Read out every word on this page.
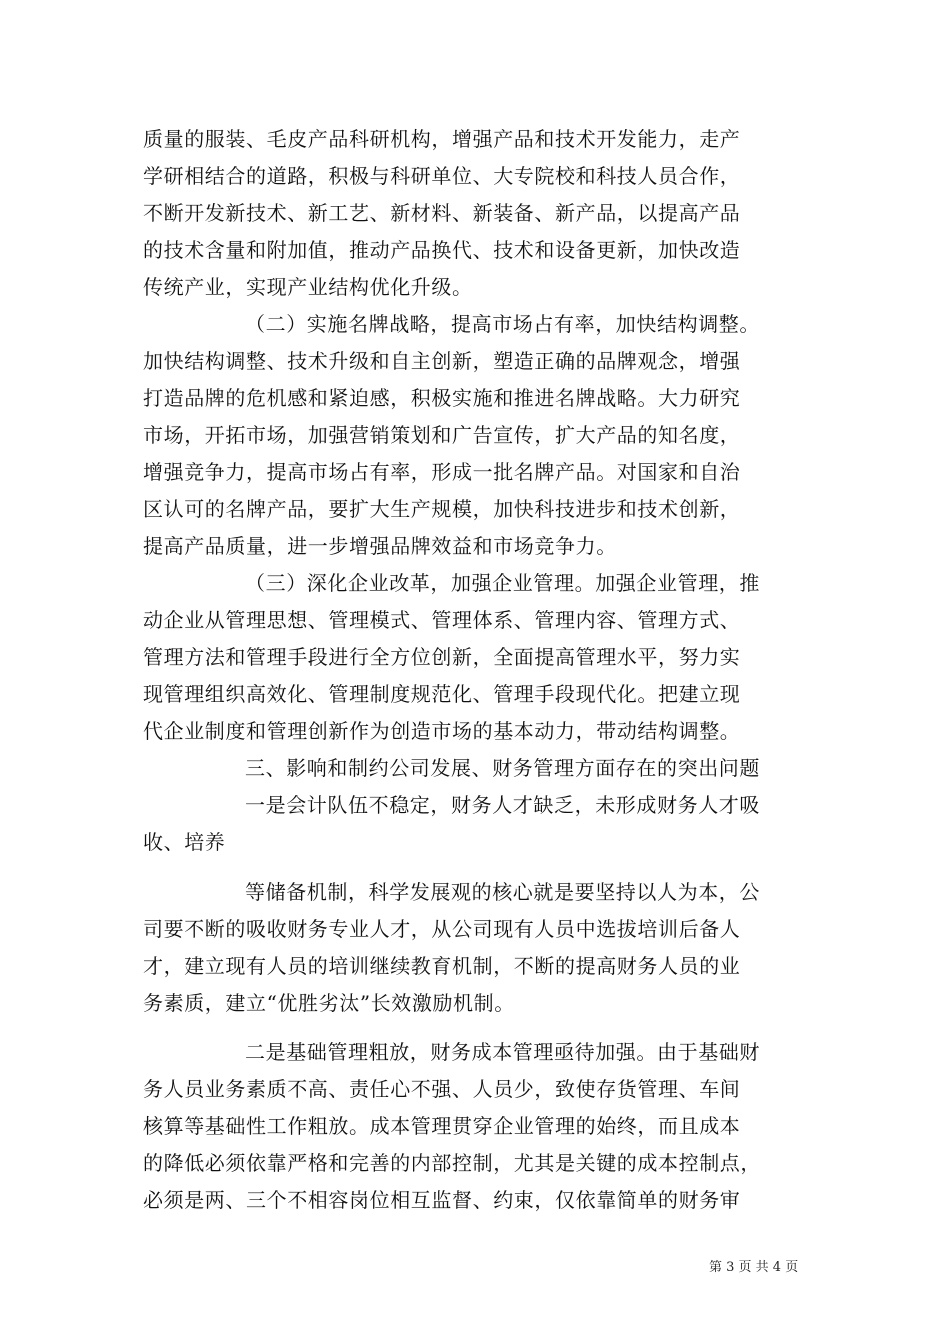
质量的服装、毛皮产品科研机构，增强产品和技术开发能力，走产
学研相结合的道路，积极与科研单位、大专院校和科技人员合作，
不断开发新技术、新工艺、新材料、新装备、新产品，以提高产品
的技术含量和附加值，推动产品换代、技术和设备更新，加快改造
传统产业，实现产业结构优化升级。
（二）实施名牌战略，提高市场占有率，加快结构调整。
加快结构调整、技术升级和自主创新，塑造正确的品牌观念，增强
打造品牌的危机感和紧迫感，积极实施和推进名牌战略。大力研究
市场，开拓市场，加强营销策划和广告宣传，扩大产品的知名度，
增强竞争力，提高市场占有率，形成一批名牌产品。对国家和自治
区认可的名牌产品，要扩大生产规模，加快科技进步和技术创新，
提高产品质量，进一步增强品牌效益和市场竞争力。
（三）深化企业改革，加强企业管理。加强企业管理，推
动企业从管理思想、管理模式、管理体系、管理内容、管理方式、
管理方法和管理手段进行全方位创新，全面提高管理水平，努力实
现管理组织高效化、管理制度规范化、管理手段现代化。把建立现
代企业制度和管理创新作为创造市场的基本动力，带动结构调整。
三、影响和制约公司发展、财务管理方面存在的突出问题
一是会计队伍不稳定，财务人才缺乏，未形成财务人才吸
收、培养
等储备机制，科学发展观的核心就是要坚持以人为本，公
司要不断的吸收财务专业人才，从公司现有人员中选拔培训后备人
才，建立现有人员的培训继续教育机制，不断的提高财务人员的业
务素质，建立“优胜劣汰”长效激励机制。
二是基础管理粗放，财务成本管理亟待加强。由于基础财
务人员业务素质不高、责任心不强、人员少，致使存货管理、车间
核算等基础性工作粗放。成本管理贯穿企业管理的始终，而且成本
的降低必须依靠严格和完善的内部控制，尤其是关键的成本控制点，
必须是两、三个不相容岗位相互监督、约束，仅依靠简单的财务审
第 3 页 共 4 页
